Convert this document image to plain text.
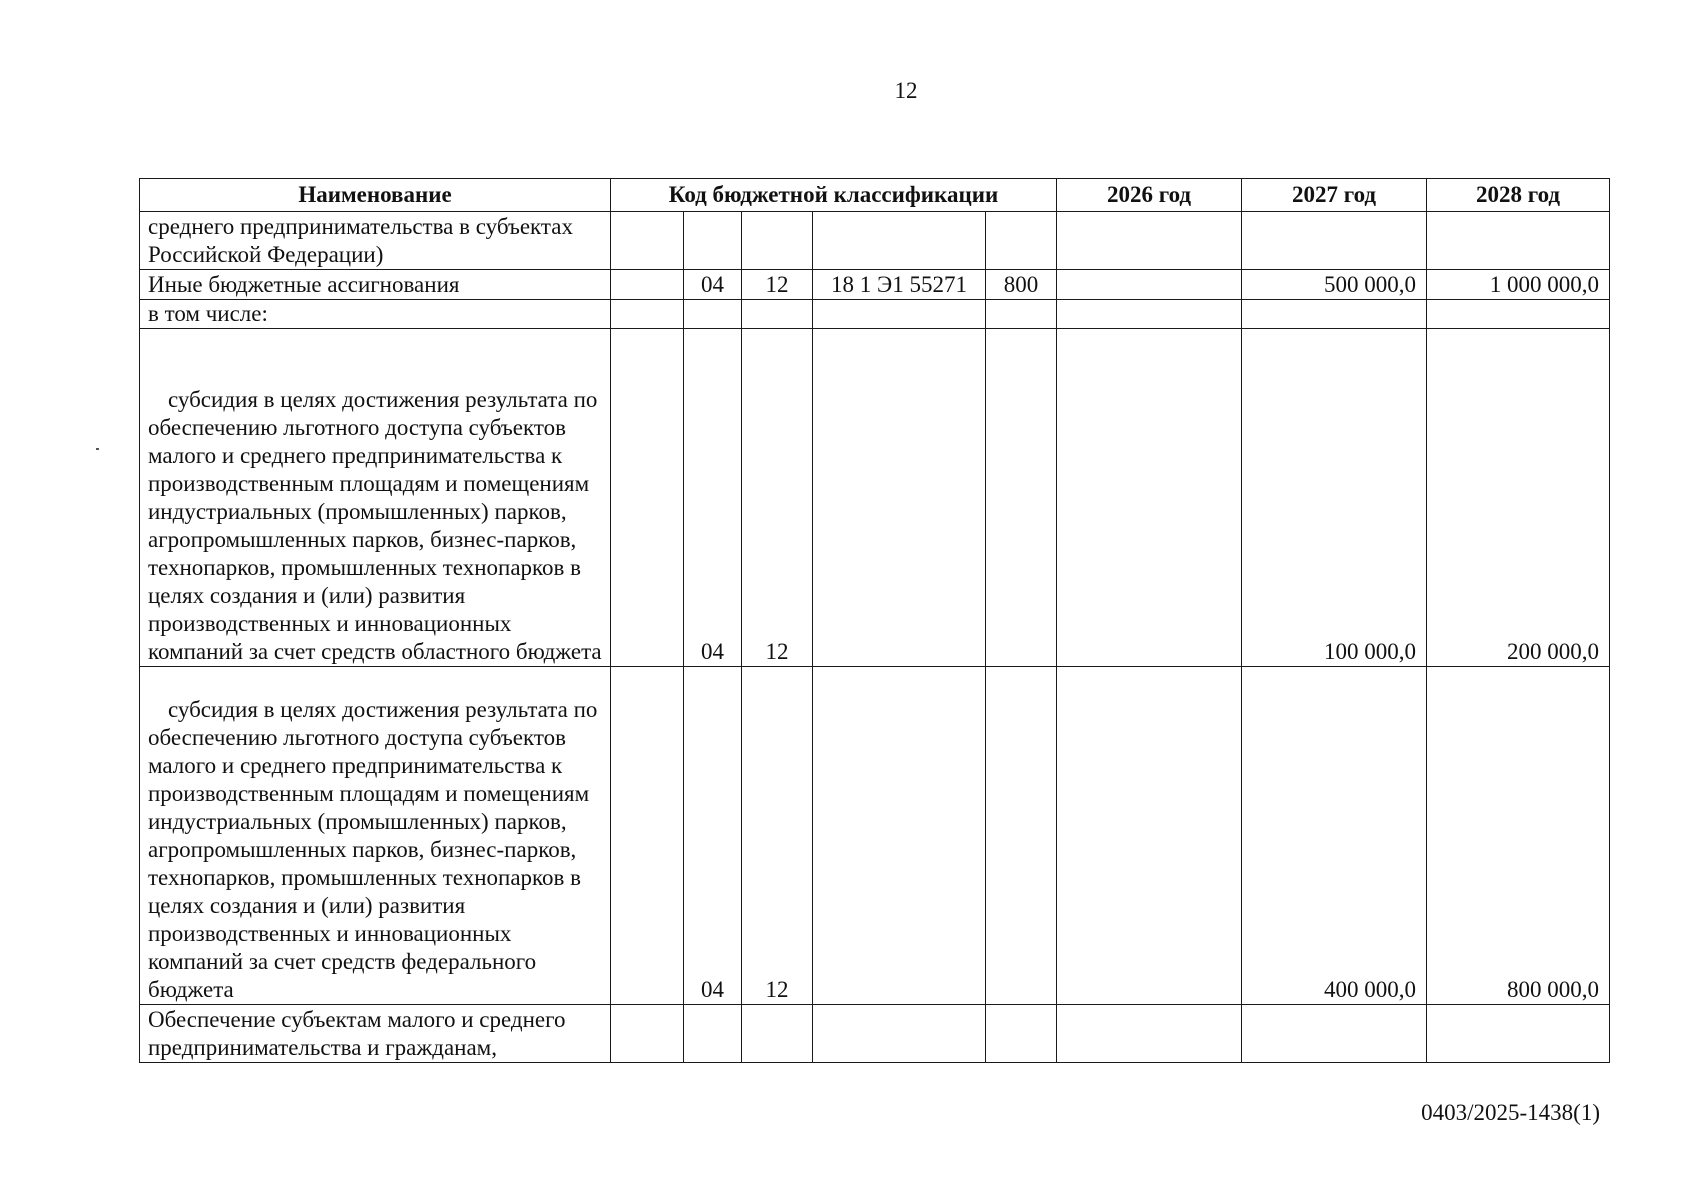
12
Наименование	Код бюджетной классификации					2026 год	2027 год	2028 год
среднего предпринимательства в субъектах Российской Федерации)								
Иные бюджетные ассигнования		04	12	18 1 Э1 55271	800		500 000,0	1 000 000,0
в том числе:								

субсидия в целях достижения результата по обеспечению льготного доступа субъектов малого и среднего предпринимательства к производственным площадям и помещениям индустриальных (промышленных) парков, агропромышленных парков, бизнес-парков, технопарков, промышленных технопарков в целях создания и (или) развития производственных и инновационных компаний за счет средств областного бюджета		04	12				100 000,0	200 000,0

субсидия в целях достижения результата по обеспечению льготного доступа субъектов малого и среднего предпринимательства к производственным площадям и помещениям индустриальных (промышленных) парков, агропромышленных парков, бизнес-парков, технопарков, промышленных технопарков в целях создания и (или) развития производственных и инновационных компаний за счет средств федерального бюджета		04	12				400 000,0	800 000,0
Обеспечение субъектам малого и среднего предпринимательства и гражданам,								
0403/2025-1438(1)
